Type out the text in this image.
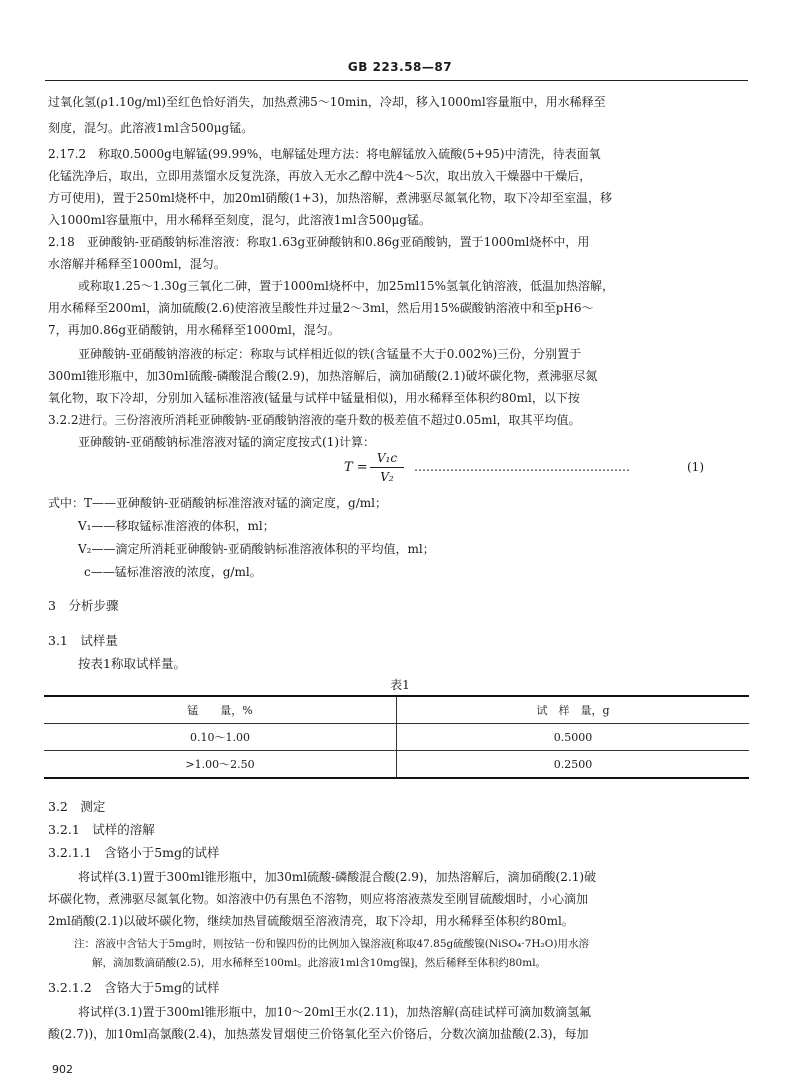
GB 223.58—87
T =
V₁c
V₂
………………………………………………	(1)
表1
锰　　量，%	试　样　量，g
0.10～1.00	0.5000
>1.00～2.50	0.2500
902
过氧化氢(ρ1.10g/ml)至红色恰好消失，加热煮沸5～10min，冷却，移入1000ml容量瓶中，用水稀释至
刻度，混匀。此溶液1ml含500μg锰。
2.17.2　称取0.5000g电解锰(99.99%，电解锰处理方法：将电解锰放入硫酸(5+95)中清洗，待表面氧
化锰洗净后，取出，立即用蒸馏水反复洗涤，再放入无水乙醇中洗4～5次，取出放入干燥器中干燥后，
方可使用)，置于250ml烧杯中，加20ml硝酸(1+3)，加热溶解，煮沸驱尽氮氧化物，取下冷却至室温，移
入1000ml容量瓶中，用水稀释至刻度，混匀，此溶液1ml含500μg锰。
2.18　亚砷酸钠-亚硝酸钠标准溶液：称取1.63g亚砷酸钠和0.86g亚硝酸钠，置于1000ml烧杯中，用
水溶解并稀释至1000ml，混匀。
或称取1.25～1.30g三氧化二砷，置于1000ml烧杯中，加25ml15%氢氧化钠溶液，低温加热溶解，
用水稀释至200ml，滴加硫酸(2.6)使溶液呈酸性并过量2～3ml，然后用15%碳酸钠溶液中和至pH6～
7，再加0.86g亚硝酸钠，用水稀释至1000ml，混匀。
亚砷酸钠-亚硝酸钠溶液的标定：称取与试样相近似的铁(含锰量不大于0.002%)三份，分别置于
300ml锥形瓶中，加30ml硫酸-磷酸混合酸(2.9)，加热溶解后，滴加硝酸(2.1)破坏碳化物，煮沸驱尽氮
氧化物，取下冷却，分别加入锰标准溶液(锰量与试样中锰量相似)，用水稀释至体积约80ml，以下按
3.2.2进行。三份溶液所消耗亚砷酸钠-亚硝酸钠溶液的毫升数的极差值不超过0.05ml，取其平均值。
亚砷酸钠-亚硝酸钠标准溶液对锰的滴定度按式(1)计算：
式中：T——亚砷酸钠-亚硝酸钠标准溶液对锰的滴定度，g/ml；
V₁——移取锰标准溶液的体积，ml；
V₂——滴定所消耗亚砷酸钠-亚硝酸钠标准溶液体积的平均值，ml；
c——锰标准溶液的浓度，g/ml。
3　分析步骤
3.1　试样量
按表1称取试样量。
3.2　测定
3.2.1　试样的溶解
3.2.1.1　含铬小于5mg的试样
将试样(3.1)置于300ml锥形瓶中，加30ml硫酸-磷酸混合酸(2.9)，加热溶解后，滴加硝酸(2.1)破
坏碳化物，煮沸驱尽氮氧化物。如溶液中仍有黑色不溶物，则应将溶液蒸发至刚冒硫酸烟时，小心滴加
2ml硝酸(2.1)以破坏碳化物，继续加热冒硫酸烟至溶液清亮，取下冷却，用水稀释至体积约80ml。
注：溶液中含钴大于5mg时，则按钴一份和镍四份的比例加入镍溶液[称取47.85g硫酸镍(NiSO₄·7H₂O)用水溶
解，滴加数滴硝酸(2.5)，用水稀释至100ml。此溶液1ml含10mg镍]，然后稀释至体积约80ml。
3.2.1.2　含铬大于5mg的试样
将试样(3.1)置于300ml锥形瓶中，加10～20ml王水(2.11)，加热溶解(高硅试样可滴加数滴氢氟
酸(2.7))，加10ml高氯酸(2.4)，加热蒸发冒烟使三价铬氧化至六价铬后，分数次滴加盐酸(2.3)，每加
